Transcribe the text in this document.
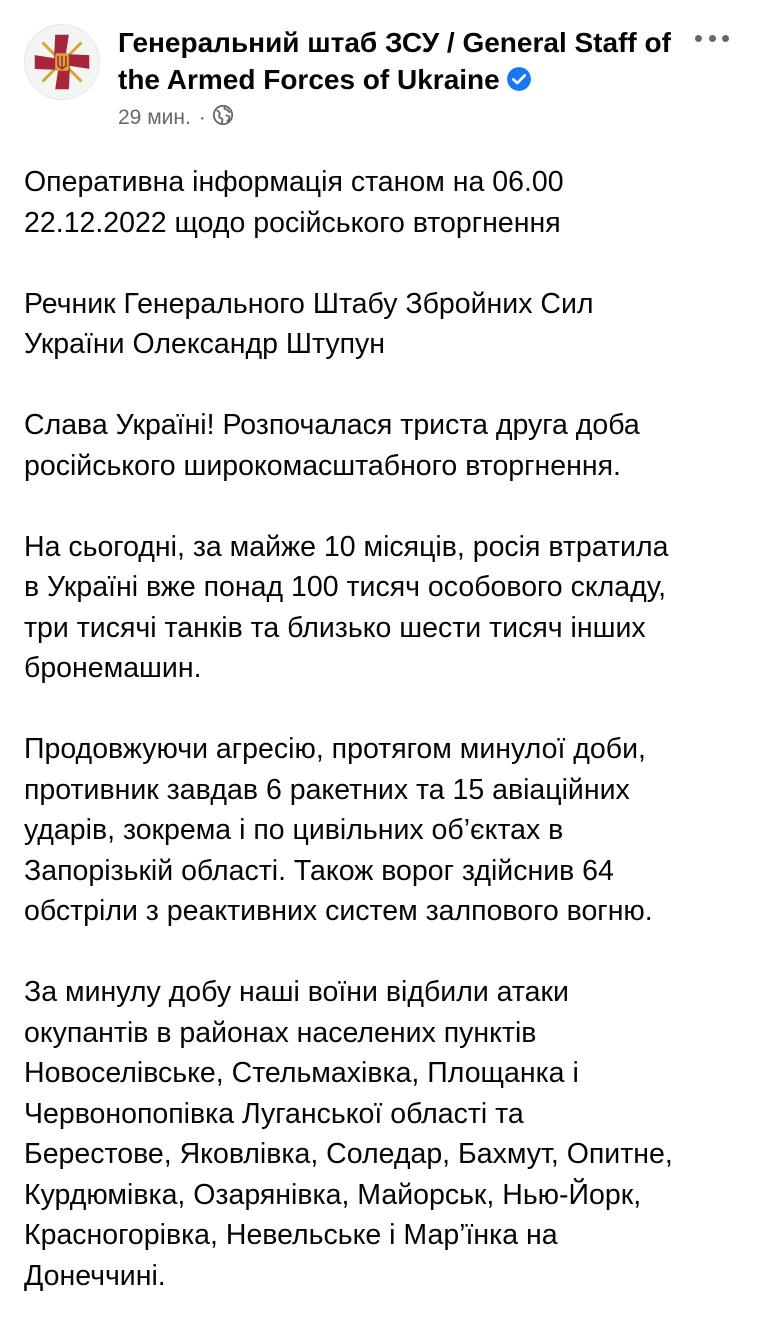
Генеральний штаб ЗСУ / General Staff of the Armed Forces of Ukraine
29 мин. ·

Оперативна інформація станом на 06.00
22.12.2022 щодо російського вторгнення

Речник Генерального Штабу Збройних Сил
України Олександр Штупун

Слава Україні! Розпочалася триста друга доба
російського широкомасштабного вторгнення.

На сьогодні, за майже 10 місяців, росія втратила
в Україні вже понад 100 тисяч особового складу,
три тисячі танків та близько шести тисяч інших
бронемашин.

Продовжуючи агресію, протягом минулої доби,
противник завдав 6 ракетних та 15 авіаційних
ударів, зокрема і по цивільних об’єктах в
Запорізькій області. Також ворог здійснив 64
обстріли з реактивних систем залпового вогню.

За минулу добу наші воїни відбили атаки
окупантів в районах населених пунктів
Новоселівське, Стельмахівка, Площанка і
Червонопопівка Луганської області та
Берестове, Яковлівка, Соледар, Бахмут, Опитне,
Курдюмівка, Озарянівка, Майорськ, Нью-Йорк,
Красногорівка, Невельське і Мар’їнка на
Донеччині.
